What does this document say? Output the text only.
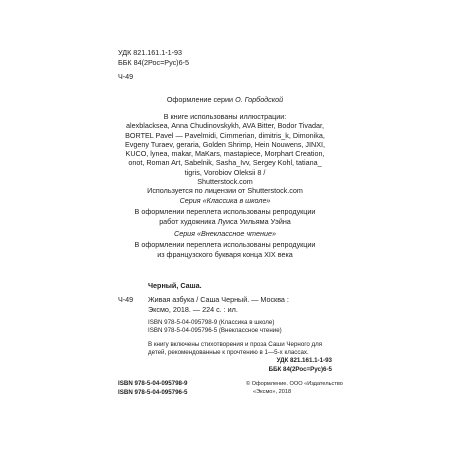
УДК 821.161.1-1-93
ББК 84(2Рос=Рус)6-5
Ч-49
Оформление серии О. Горбодской
В книге использованы иллюстрации:
alexblacksea, Anna Chudinovskykh, AVA Bitter, Bodor Tivadar,
BORTEL Pavel — Pavelmidi, Cimmerian, dimitris_k, Dimonika,
Evgeny Turaev, geraria, Golden Shrimp, Hein Nouwens, JINXI,
KUCO, lynea, makar, MaKars, mastapiece, Morphart Creation,
onot, Roman Art, Sabelnik, Sasha_Ivv, Sergey Kohl, tatiana_
tigris, Vorobiov Oleksii 8 /
Shutterstock.com
Используется по лицензии от Shutterstock.com
Серия «Классика в школе»
В оформлении переплета использованы репродукции
работ художника Луиса Уильяма Уэйна
Серия «Внеклассное чтение»
В оформлении переплета использованы репродукции
из французского букваря конца XIX века
Черный, Саша.
Ч-49 Живая азбука / Саша Черный. — Москва :
Эксмо, 2018. — 224 с. : ил.
ISBN 978-5-04-095798-9 (Классика в школе)
ISBN 978-5-04-095796-5 (Внеклассное чтение)
В книгу включены стихотворения и проза Саши Черного для
детей, рекомендованные к прочтению в 1—5-х классах.
УДК 821.161.1-1-93
ББК 84(2Рос=Рус)6-5
ISBN 978-5-04-095798-9
ISBN 978-5-04-095796-5
© Оформление. ООО «Издательство
«Эксмо», 2018
